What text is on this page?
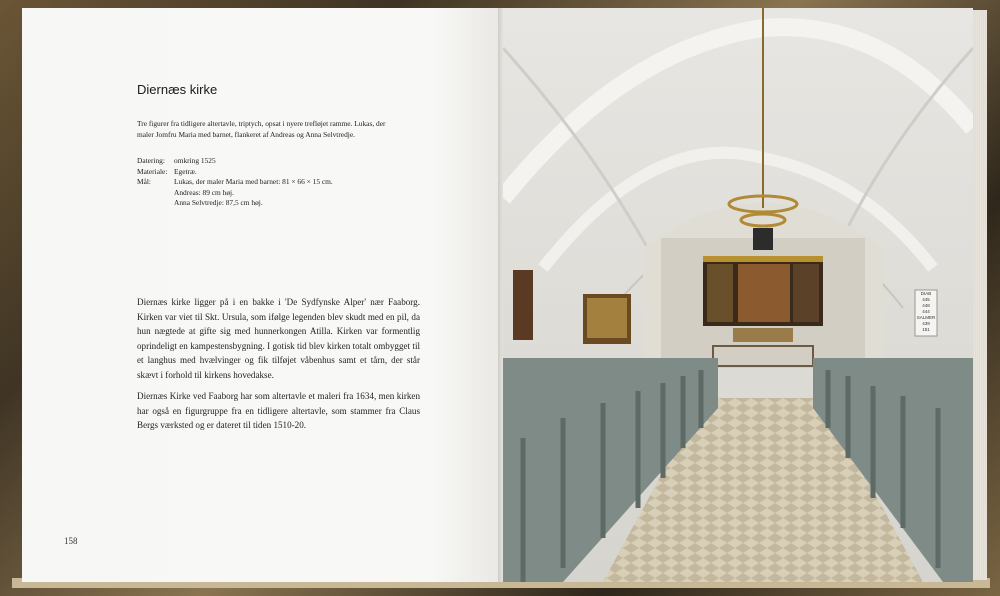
Diernæs kirke
Tre figurer fra tidligere altertavle, triptych, opsat i nyere trefløjet ramme. Lukas, der maler Jomfru Maria med barnet, flankeret af Andreas og Anna Selvtredje.
Datering:	omkring 1525
Materiale: Egetræ.
Mål:	Lukas, der maler Maria med barnet: 81 × 66 × 15 cm.
Andreas: 89 cm høj.
Anna Selvtredje: 87,5 cm høj.

Diernæs kirke ligger på i en bakke i 'De Sydfynske Alper' nær Faaborg. Kirken var viet til Skt. Ursula, som ifølge legenden blev skudt med en pil, da hun nægtede at gifte sig med hunnerkongen Atilla. Kirken var formentlig oprindeligt en kampestensbygning. I gotisk tid blev kirken totalt ombygget til et langhus med hvælvinger og fik tilføjet våbenhus samt et tårn, der står skævt i forhold til kirkens hovedakse.

Diernæs Kirke ved Faaborg har som altertavle et maleri fra 1634, men kirken har også en figurgruppe fra en tidligere altertavle, som stammer fra Claus Bergs værksted og er dateret til tiden 1510-20.

158
DIAB
445
448
444
SALMER
439
151
